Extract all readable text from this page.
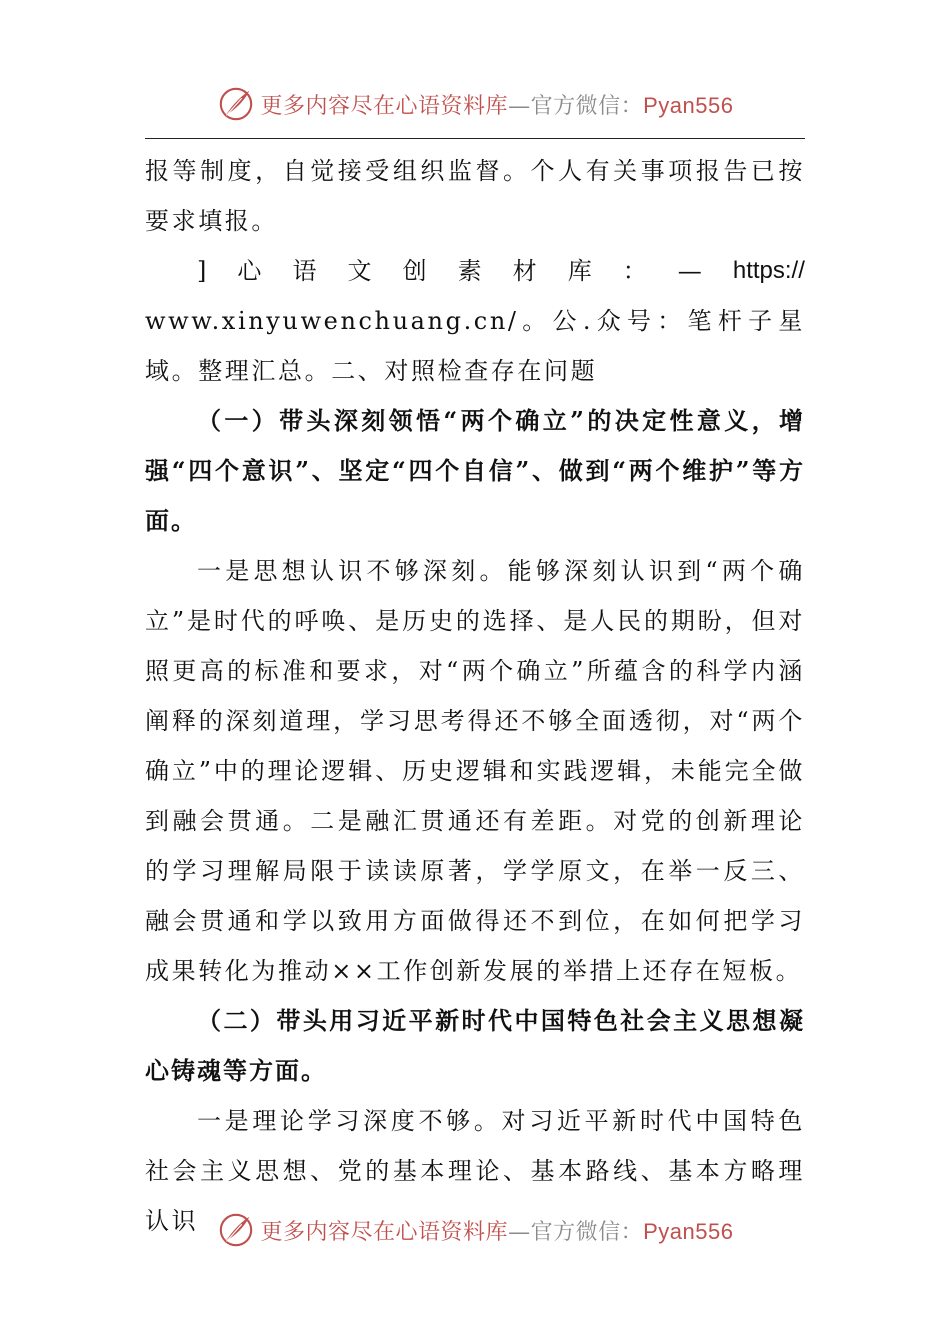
更多内容尽在心语资料库—官方微信：Pyan556

报等制度，自觉接受组织监督。个人有关事项报告已按要求填报。

] 心 语 文 创 素 材 库 ： — https://

www.xinyuwenchuang.cn/。公.众号：笔杆子星域。整理汇总。二、对照检查存在问题

（一）带头深刻领悟“两个确立”的决定性意义，增强“四个意识”、坚定“四个自信”、做到“两个维护”等方面。

一是思想认识不够深刻。能够深刻认识到“两个确立”是时代的呼唤、是历史的选择、是人民的期盼，但对照更高的标准和要求，对“两个确立”所蕴含的科学内涵阐释的深刻道理，学习思考得还不够全面透彻，对“两个确立”中的理论逻辑、历史逻辑和实践逻辑，未能完全做到融会贯通。二是融汇贯通还有差距。对党的创新理论的学习理解局限于读读原著，学学原文，在举一反三、融会贯通和学以致用方面做得还不到位，在如何把学习成果转化为推动××工作创新发展的举措上还存在短板。

（二）带头用习近平新时代中国特色社会主义思想凝心铸魂等方面。

一是理论学习深度不够。对习近平新时代中国特色社会主义思想、党的基本理论、基本路线、基本方略理认识	更多内容尽在心语资料库—官方微信：Pyan556
